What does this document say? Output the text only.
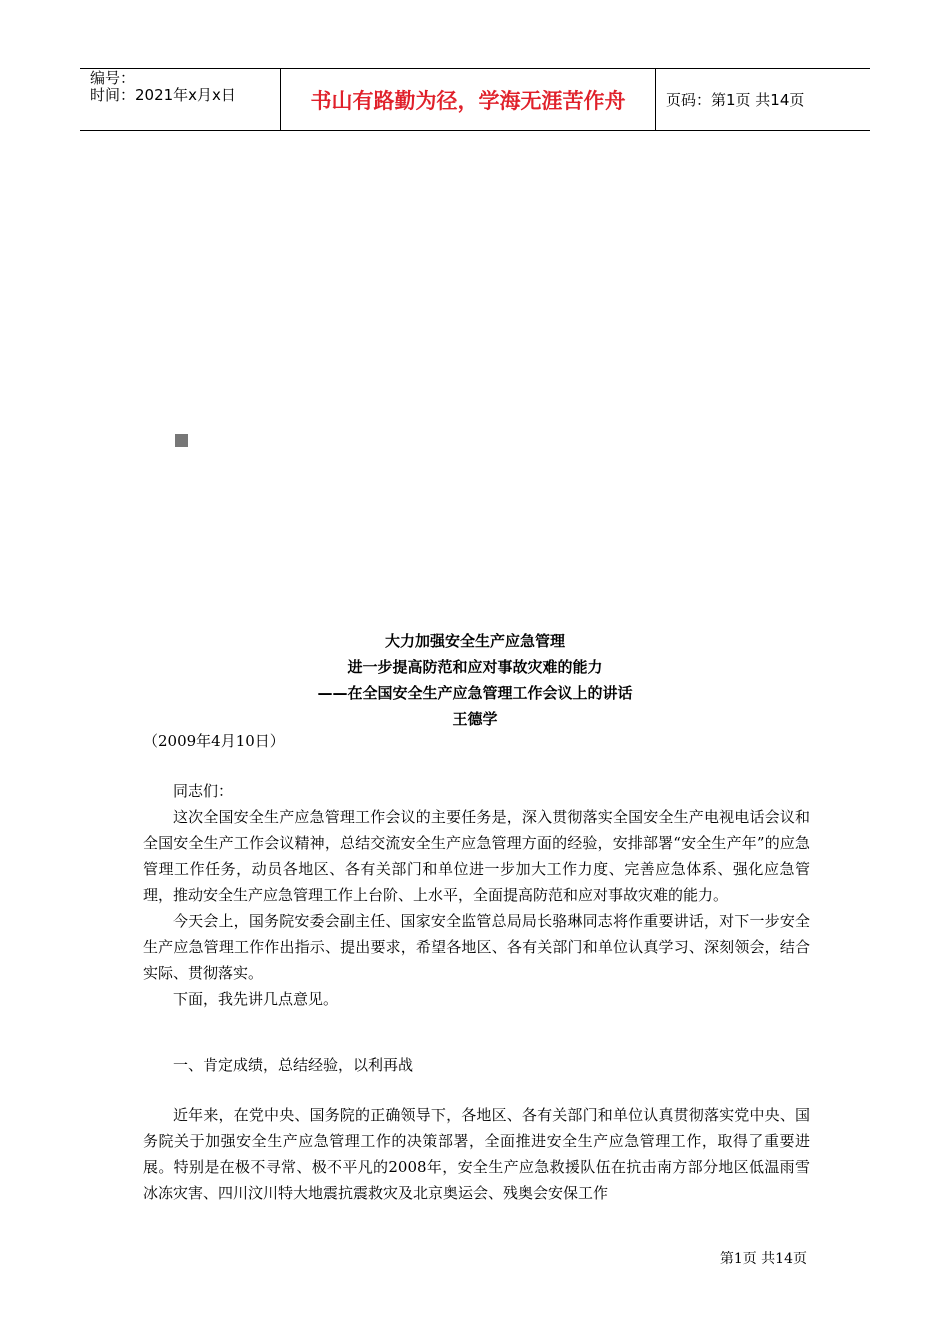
编号：
时间：2021年x月x日	书山有路勤为径，学海无涯苦作舟	页码：第1页 共14页
大力加强安全生产应急管理
进一步提高防范和应对事故灾难的能力
——在全国安全生产应急管理工作会议上的讲话
王德学
（2009年4月10日）

同志们：

这次全国安全生产应急管理工作会议的主要任务是，深入贯彻落实全国安全生产电视电话会议和全国安全生产工作会议精神，总结交流安全生产应急管理方面的经验，安排部署“安全生产年”的应急管理工作任务，动员各地区、各有关部门和单位进一步加大工作力度、完善应急体系、强化应急管理，推动安全生产应急管理工作上台阶、上水平，全面提高防范和应对事故灾难的能力。

今天会上，国务院安委会副主任、国家安全监管总局局长骆琳同志将作重要讲话，对下一步安全生产应急管理工作作出指示、提出要求，希望各地区、各有关部门和单位认真学习、深刻领会，结合实际、贯彻落实。

下面，我先讲几点意见。

一、肯定成绩，总结经验，以利再战

近年来，在党中央、国务院的正确领导下，各地区、各有关部门和单位认真贯彻落实党中央、国务院关于加强安全生产应急管理工作的决策部署，全面推进安全生产应急管理工作，取得了重要进展。特别是在极不寻常、极不平凡的2008年，安全生产应急救援队伍在抗击南方部分地区低温雨雪冰冻灾害、四川汶川特大地震抗震救灾及北京奥运会、残奥会安保工作

第1页 共14页
